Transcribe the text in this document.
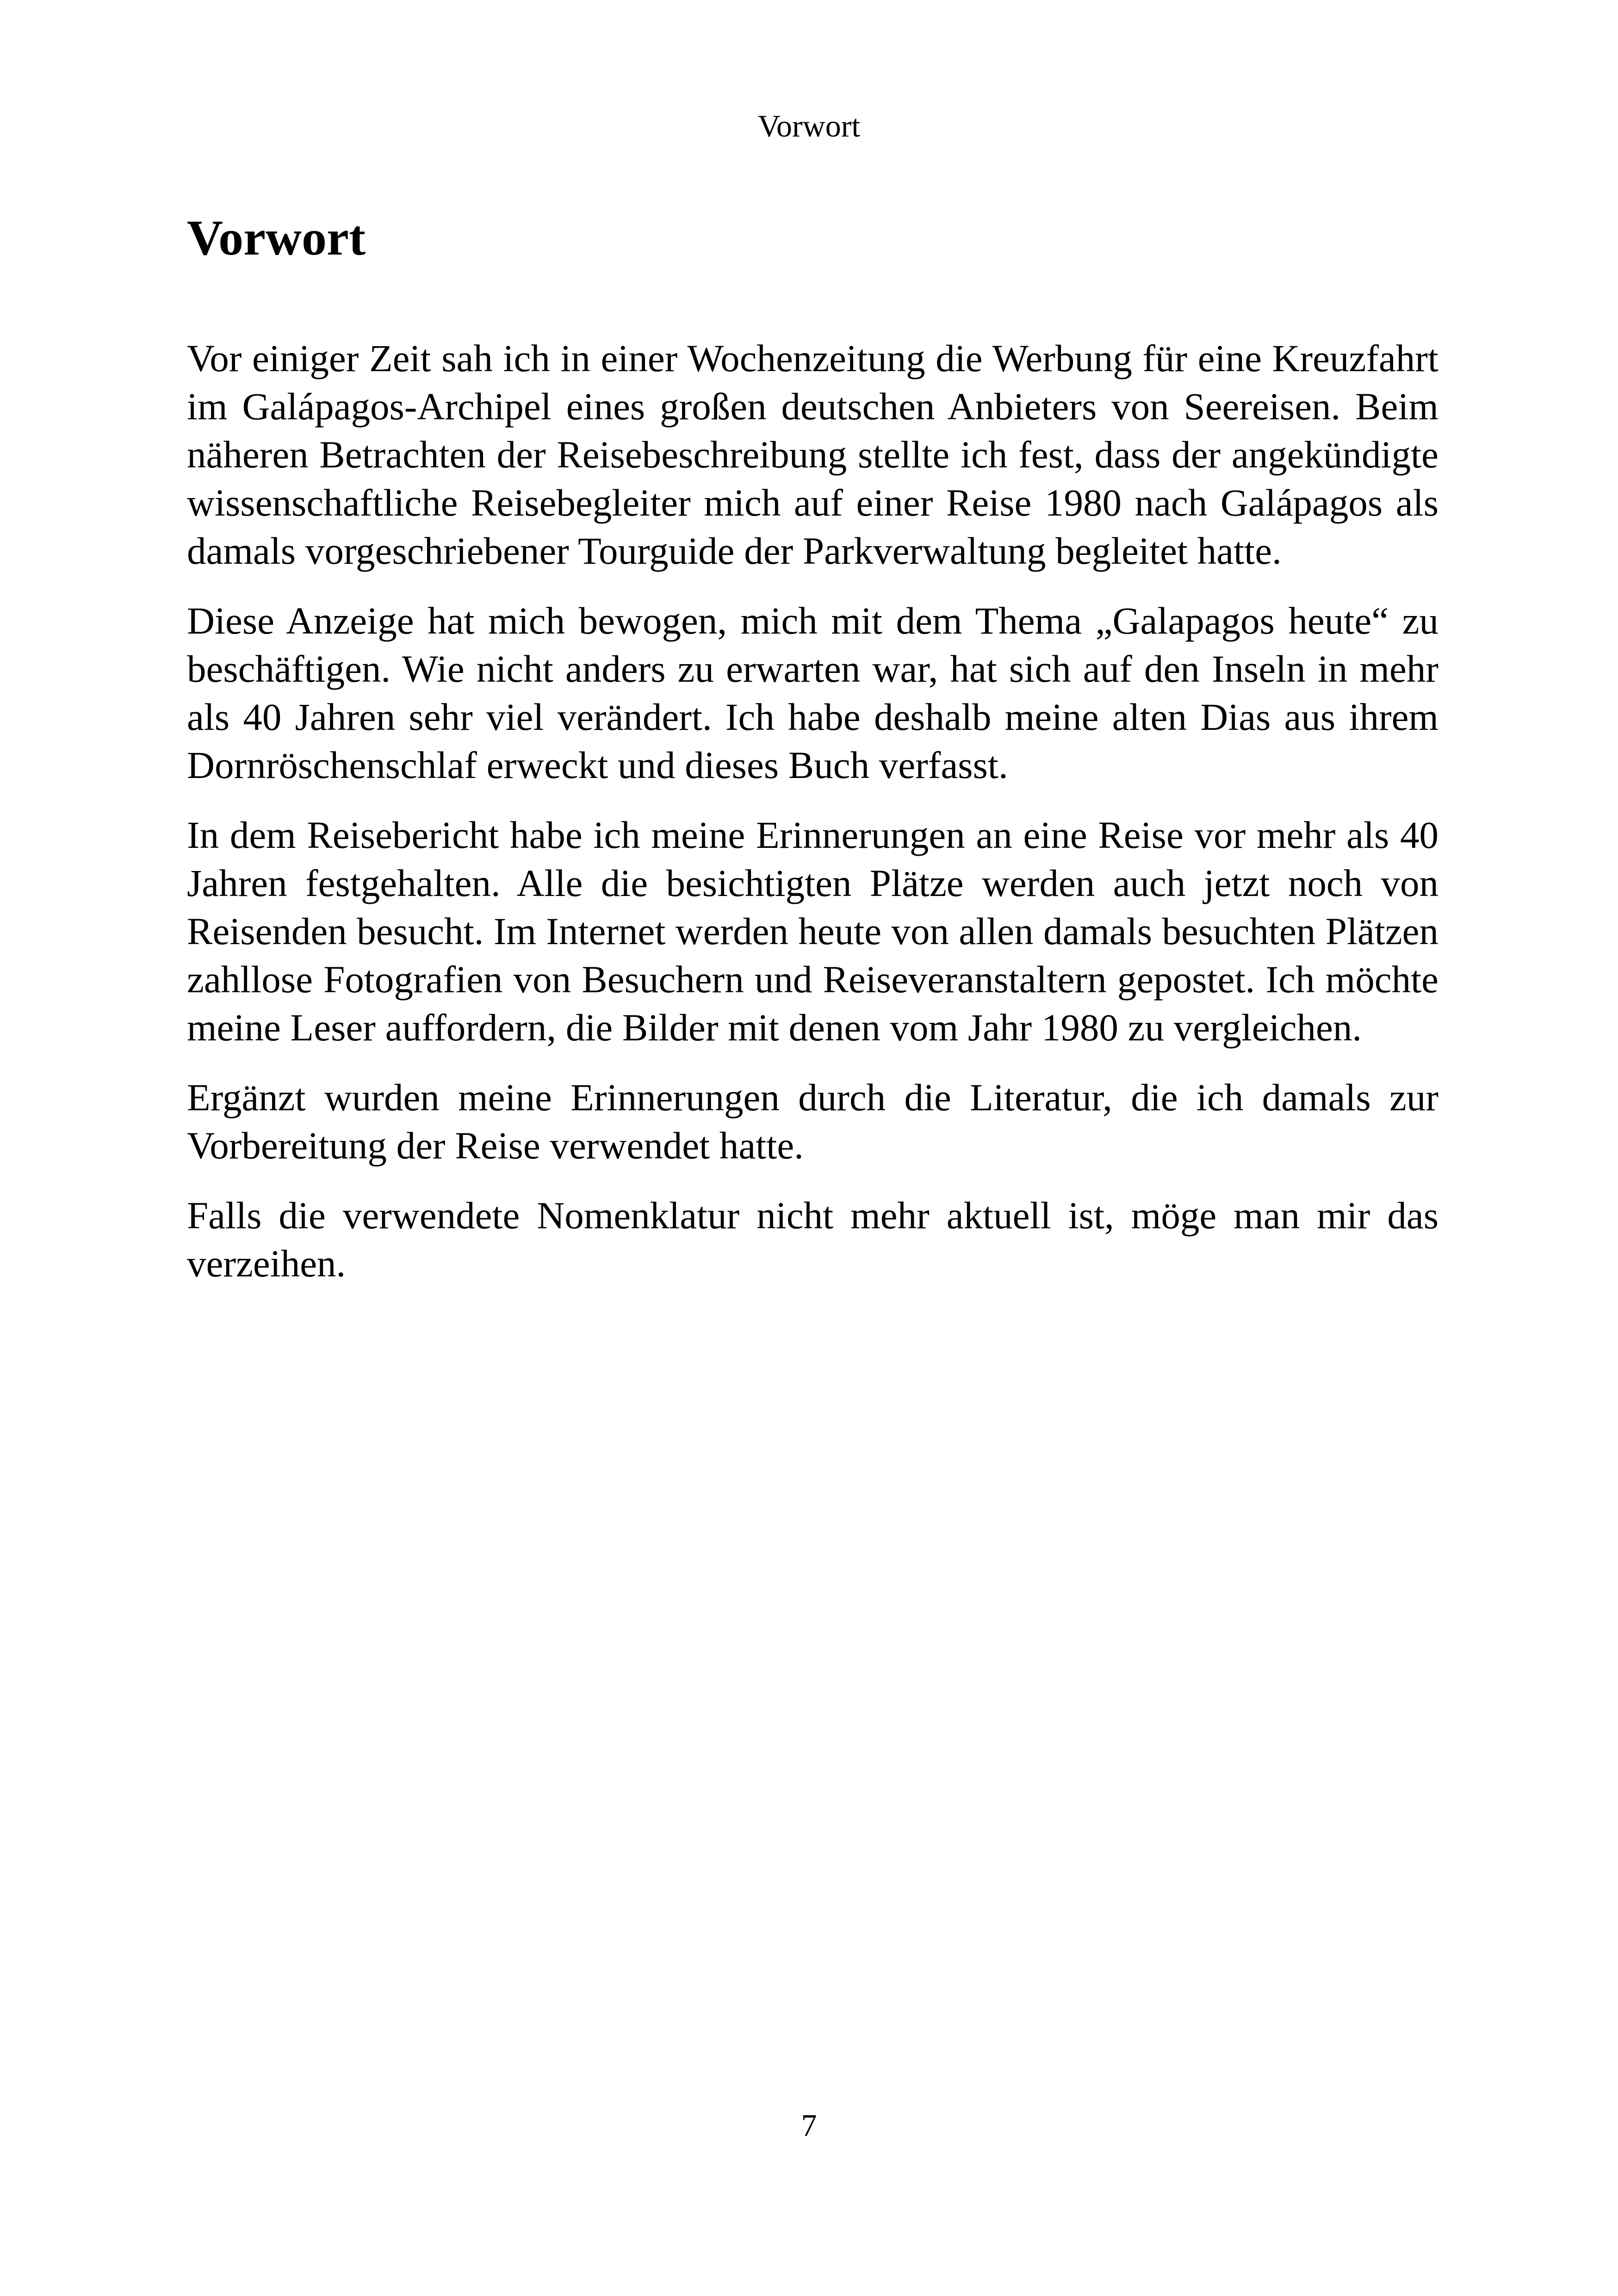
Vorwort
Vorwort

Vor einiger Zeit sah ich in einer Wochenzeitung die Werbung für eine Kreuzfahrt im Galápagos-Archipel eines großen deutschen Anbieters von Seereisen. Beim näheren Betrachten der Reisebeschreibung stellte ich fest, dass der angekündigte wissenschaftliche Reisebegleiter mich auf einer Reise 1980 nach Galápagos als damals vorgeschriebener Tourguide der Parkverwaltung begleitet hatte.

Diese Anzeige hat mich bewogen, mich mit dem Thema „Galapagos heute“ zu beschäftigen. Wie nicht anders zu erwarten war, hat sich auf den Inseln in mehr als 40 Jahren sehr viel verändert. Ich habe deshalb meine alten Dias aus ihrem Dornröschenschlaf erweckt und dieses Buch verfasst.

In dem Reisebericht habe ich meine Erinnerungen an eine Reise vor mehr als 40 Jahren festgehalten. Alle die besichtigten Plätze werden auch jetzt noch von Reisenden besucht. Im Internet werden heute von allen damals besuchten Plätzen zahllose Fotografien von Besuchern und Reiseveranstaltern gepostet. Ich möchte meine Leser auffordern, die Bilder mit denen vom Jahr 1980 zu vergleichen.

Ergänzt wurden meine Erinnerungen durch die Literatur, die ich damals zur Vorbereitung der Reise verwendet hatte.

Falls die verwendete Nomenklatur nicht mehr aktuell ist, möge man mir das verzeihen.

7
